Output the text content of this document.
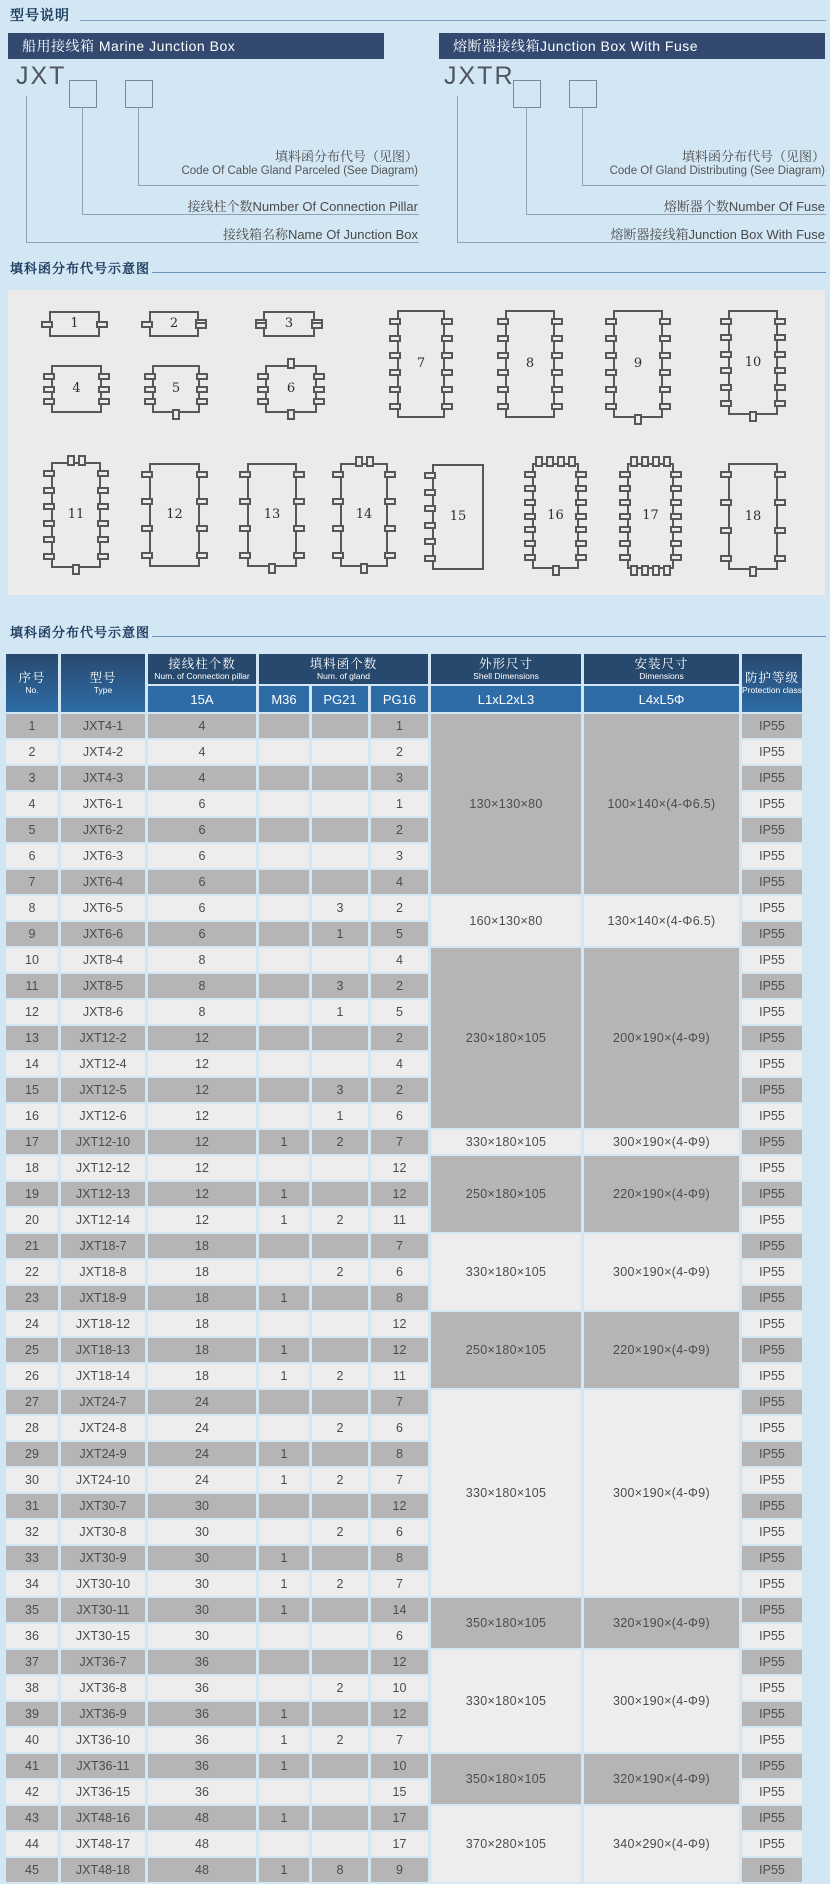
型号说明
船用接线箱 Marine Junction Box	熔断器接线箱Junction Box With Fuse
JXT
填料函分布代号（见图）
Code Of Cable Gland Parceled (See Diagram)
接线柱个数Number Of Connection Pillar
接线箱名称Name Of Junction Box
JXTR
填料函分布代号（见图）
Code Of Gland Distributing (See Diagram)
熔断器个数Number Of Fuse
熔断器接线箱Junction Box With Fuse
填科函分布代号示意图
1	2	3
4	5	6
7	8	9	10
11	12	13	14	15	16	17	18
填科函分布代号示意图
序号
No.

型号
Type

接线柱个数
Num. of Connection pillar

填料函个数
Num. of gland

外形尺寸
Shell Dimensions

安装尺寸
Dimensions	防护等级
Protection class

		15A	M36	PG21	PG16	L1xL2xL3	L4xL5Φ	
1	JXT4-1	4			1	130×130×80	100×140×(4-Φ6.5)	IP55
2	JXT4-2	4			2			IP55
3	JXT4-3	4			3			IP55
4	JXT6-1	6			1			IP55
5	JXT6-2	6			2			IP55
6	JXT6-3	6			3			IP55
7	JXT6-4	6			4			IP55
8	JXT6-5	6		3	2	160×130×80	130×140×(4-Φ6.5)	IP55
9	JXT6-6	6		1	5			IP55
10	JXT8-4	8			4	230×180×105	200×190×(4-Φ9)	IP55
11	JXT8-5	8		3	2			IP55
12	JXT8-6	8		1	5			IP55
13	JXT12-2	12			2			IP55
14	JXT12-4	12			4			IP55
15	JXT12-5	12		3	2			IP55
16	JXT12-6	12		1	6			IP55
17	JXT12-10	12	1	2	7	330×180×105	300×190×(4-Φ9)	IP55
18	JXT12-12	12			12	250×180×105	220×190×(4-Φ9)	IP55
19	JXT12-13	12	1		12			IP55
20	JXT12-14	12	1	2	11			IP55
21	JXT18-7	18			7	330×180×105	300×190×(4-Φ9)	IP55
22	JXT18-8	18		2	6			IP55
23	JXT18-9	18	1		8			IP55
24	JXT18-12	18			12	250×180×105	220×190×(4-Φ9)	IP55
25	JXT18-13	18	1		12			IP55
26	JXT18-14	18	1	2	11			IP55
27	JXT24-7	24			7	330×180×105	300×190×(4-Φ9)	IP55
28	JXT24-8	24		2	6			IP55
29	JXT24-9	24	1		8			IP55
30	JXT24-10	24	1	2	7			IP55
31	JXT30-7	30			12			IP55
32	JXT30-8	30		2	6			IP55
33	JXT30-9	30	1		8			IP55
34	JXT30-10	30	1	2	7			IP55
35	JXT30-11	30	1		14	350×180×105	320×190×(4-Φ9)	IP55
36	JXT30-15	30			6			IP55
37	JXT36-7	36			12	330×180×105	300×190×(4-Φ9)	IP55
38	JXT36-8	36		2	10			IP55
39	JXT36-9	36	1		12			IP55
40	JXT36-10	36	1	2	7			IP55
41	JXT36-11	36	1		10	350×180×105	320×190×(4-Φ9)	IP55
42	JXT36-15	36			15			IP55
43	JXT48-16	48	1		17	370×280×105	340×290×(4-Φ9)	IP55
44	JXT48-17	48			17			IP55
45	JXT48-18	48	1	8	9			IP55
